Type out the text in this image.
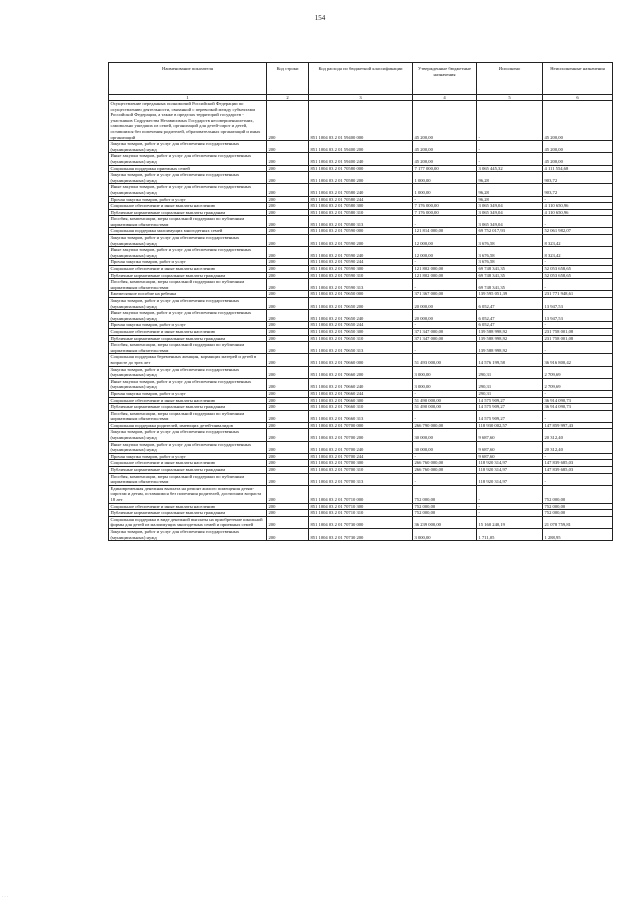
154
Наименование показателя	Код строки	Код расхода по бюджетной классификации	Утвержденные бюджетные назначения	Исполнено	Неисполненные назначения
1	2	3	4	5	6
Осуществление переданных полномочий Российской Федерации по осуществлению деятельности, связанной с перевозкой между субъектами Российской Федерации, а также в пределах территорий государств - участников Содружества Независимых Государств несовершеннолетних, самовольно ушедших из семей, организаций для детей-сирот и детей, оставшихся без попечения родителей, образовательных организаций и иных организаций	200	851 1004 03 2 01 59400 000	45 200,00	-	45 200,00
Закупка товаров, работ и услуг для обеспечения государственных (муниципальных) нужд	200	851 1004 03 2 01 59400 200	45 200,00	-	45 200,00
Иные закупки товаров, работ и услуг для обеспечения государственных (муниципальных) нужд	200	851 1004 03 2 01 59400 240	45 200,00	-	45 200,00
Социальная поддержка приемных семей	200	851 1004 03 2 01 70580 000	7 177 000,00	3 065 445,32	4 111 554,68
Закупка товаров, работ и услуг для обеспечения государственных (муниципальных) нужд	200	851 1004 03 2 01 70580 200	1 000,00	96,28	903,72
Иные закупки товаров, работ и услуг для обеспечения государственных (муниципальных) нужд	200	851 1004 03 2 01 70580 240	1 000,00	96,28	903,72
Прочая закупка товаров, работ и услуг	200	851 1004 03 2 01 70580 244	-	96,28	-
Социальное обеспечение и иные выплаты населению	200	851 1004 03 2 01 70580 300	7 176 000,00	3 065 349,04	4 110 650,96
Публичные нормативные социальные выплаты гражданам	200	851 1004 03 2 01 70580 310	7 176 000,00	3 065 349,04	4 110 650,96
Пособия, компенсации, меры социальной поддержки по публичным нормативным обязательствам	200	851 1004 03 2 01 70580 313	-	3 065 349,04	-
Социальная поддержка малоимущих многодетных семей	200	851 1004 03 2 01 70590 000	121 814 000,00	69 752 017,93	52 061 982,07
Закупка товаров, работ и услуг для обеспечения государственных (муниципальных) нужд	200	851 1004 03 2 01 70590 200	12 000,00	3 676,58	8 323,42
Иные закупки товаров, работ и услуг для обеспечения государственных (муниципальных) нужд	200	851 1004 03 2 01 70590 240	12 000,00	3 676,58	8 323,42
Прочая закупка товаров, работ и услуг	200	851 1004 03 2 01 70590 244	-	3 676,58	-
Социальное обеспечение и иные выплаты населению	200	851 1004 03 2 01 70590 300	121 802 000,00	69 748 341,35	52 053 658,65
Публичные нормативные социальные выплаты гражданам	200	851 1004 03 2 01 70590 310	121 802 000,00	69 748 341,35	52 053 658,65
Пособия, компенсации, меры социальной поддержки по публичным нормативным обязательствам	200	851 1004 03 2 01 70590 313	-	69 748 341,35	-
Ежемесячное пособие на ребенка	200	851 1004 03 2 01 70650 000	371 367 000,00	139 595 051,39	231 771 948,61
Закупка товаров, работ и услуг для обеспечения государственных (муниципальных) нужд	200	851 1004 03 2 01 70650 200	20 000,00	6 052,47	13 947,53
Иные закупки товаров, работ и услуг для обеспечения государственных (муниципальных) нужд	200	851 1004 03 2 01 70650 240	20 000,00	6 052,47	13 947,53
Прочая закупка товаров, работ и услуг	200	851 1004 03 2 01 70650 244	-	6 052,47	-
Социальное обеспечение и иные выплаты населению	200	851 1004 03 2 01 70650 300	371 347 000,00	139 588 998,92	231 758 001,08
Публичные нормативные социальные выплаты гражданам	200	851 1004 03 2 01 70650 310	371 347 000,00	139 588 998,92	231 758 001,08
Пособия, компенсации, меры социальной поддержки по публичным нормативным обязательствам	200	851 1004 03 2 01 70650 313	-	139 588 998,92	-
Социальная поддержка беременных женщин, кормящих матерей и детей в возрасте до трех лет	200	851 1004 03 2 01 70660 000	51 493 000,00	14 576 199,58	36 916 800,42
Закупка товаров, работ и услуг для обеспечения государственных (муниципальных) нужд	200	851 1004 03 2 01 70660 200	3 000,00	290,31	2 709,69
Иные закупки товаров, работ и услуг для обеспечения государственных (муниципальных) нужд	200	851 1004 03 2 01 70660 240	3 000,00	290,31	2 709,69
Прочая закупка товаров, работ и услуг	200	851 1004 03 2 01 70660 244	-	290,31	-
Социальное обеспечение и иные выплаты населению	200	851 1004 03 2 01 70660 300	51 490 000,00	14 575 909,27	36 914 090,73
Публичные нормативные социальные выплаты гражданам	200	851 1004 03 2 01 70660 310	51 490 000,00	14 575 909,27	36 914 090,73
Пособия, компенсации, меры социальной поддержки по публичным нормативным обязательствам	200	851 1004 03 2 01 70660 313	-	14 575 909,27	-
Социальная поддержка родителей, имеющих детей-инвалидов	200	851 1004 03 2 01 70700 000	266 790 000,00	118 930 002,57	147 859 997,43
Закупка товаров, работ и услуг для обеспечения государственных (муниципальных) нужд	200	851 1004 03 2 01 70700 200	30 000,00	9 687,60	20 312,40
Иные закупки товаров, работ и услуг для обеспечения государственных (муниципальных) нужд	200	851 1004 03 2 01 70700 240	30 000,00	9 687,60	20 312,40
Прочая закупка товаров, работ и услуг	200	851 1004 03 2 01 70700 244	-	9 687,60	-
Социальное обеспечение и иные выплаты населению	200	851 1004 03 2 01 70700 300	266 760 000,00	118 920 314,97	147 839 685,03
Публичные нормативные социальные выплаты гражданам	200	851 1004 03 2 01 70700 310	266 760 000,00	118 920 314,97	147 839 685,03
Пособия, компенсации, меры социальной поддержки по публичным нормативным обязательствам	200	851 1004 03 2 01 70700 313	-	118 920 314,97	-
Единовременная денежная выплата на ремонт жилого помещения детям-сиротам и детям, оставшимся без попечения родителей, достигшим возраста 18 лет	200	851 1004 03 2 01 70710 000	752 000,00	-	752 000,00
Социальное обеспечение и иные выплаты населению	200	851 1004 03 2 01 70710 300	752 000,00	-	752 000,00
Публичные нормативные социальные выплаты гражданам	200	851 1004 03 2 01 70710 310	752 000,00	-	752 000,00
Социальная поддержка в виде денежной выплаты на приобретение школьной формы для детей из малоимущих многодетных семей и приемных семей	200	851 1004 03 2 01 70730 000	36 239 000,00	15 160 240,19	21 078 759,81
Закупка товаров, работ и услуг для обеспечения государственных (муниципальных) нужд	200	851 1004 03 2 01 70730 200	3 000,00	1 711,05	1 288,95
· · ·
